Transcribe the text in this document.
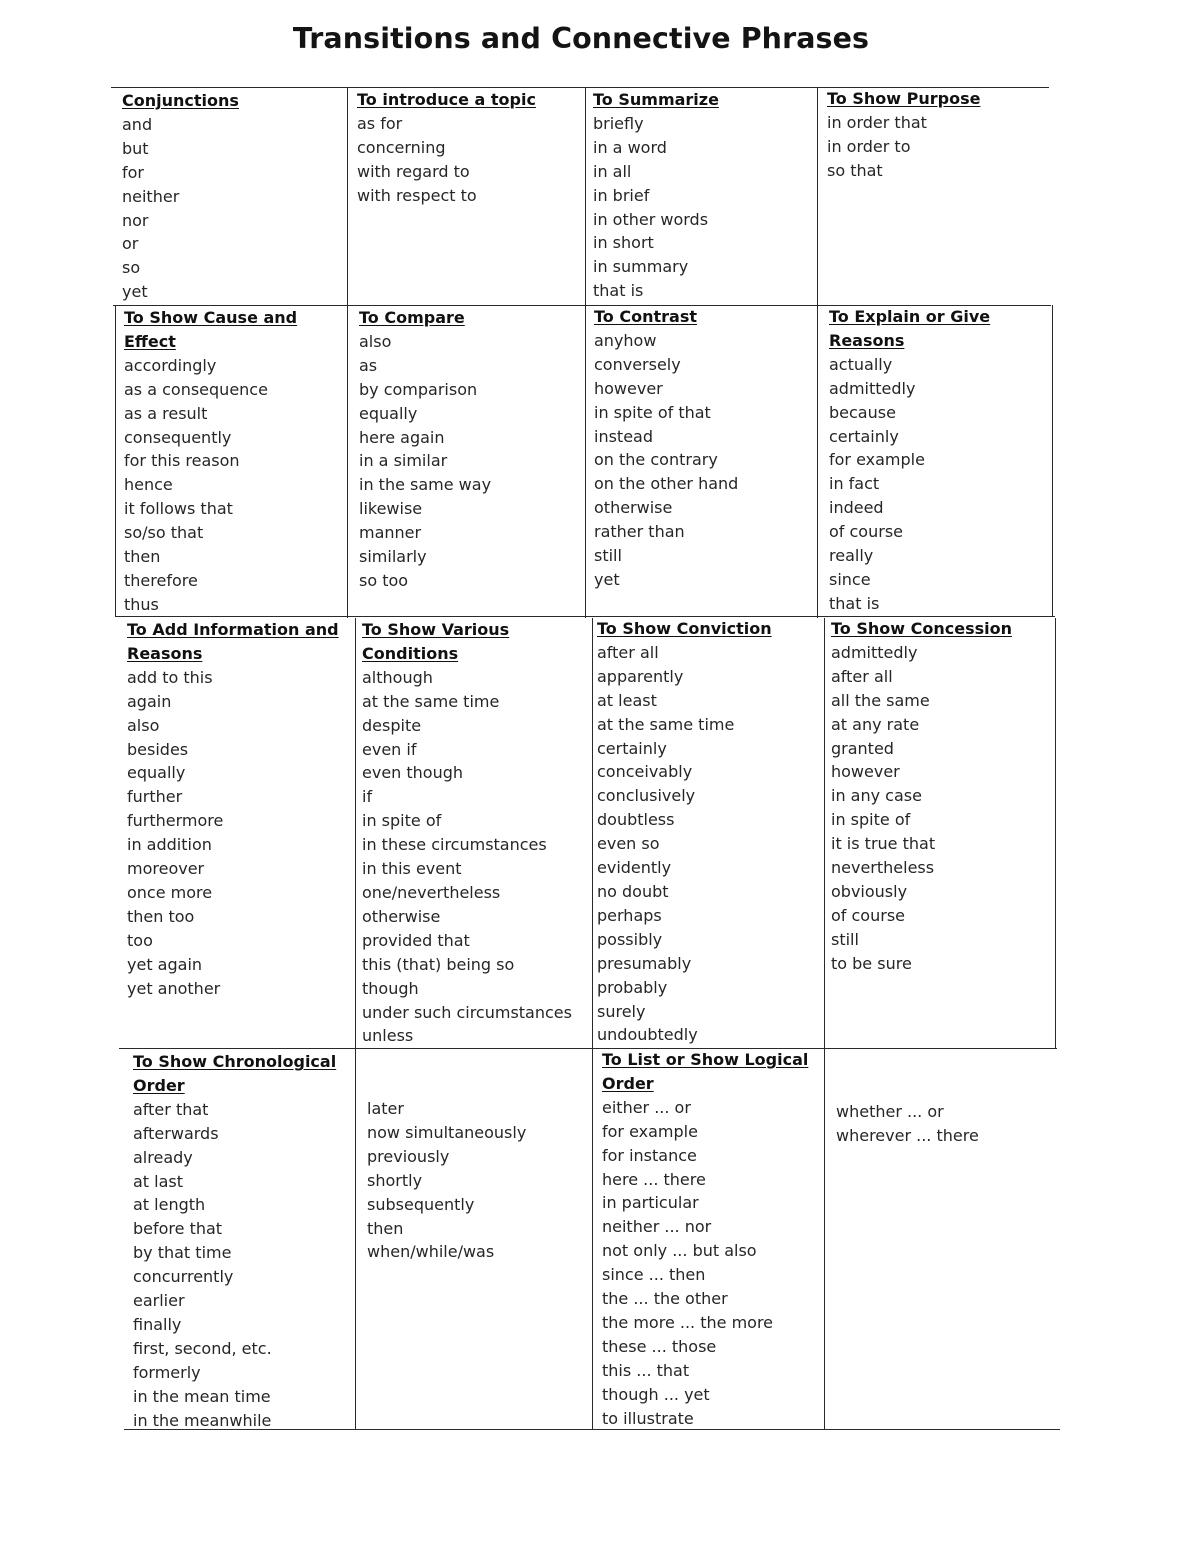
Transitions and Connective Phrases
Conjunctions
and
but
for
neither
nor
or
so
yet
To introduce a topic
as for
concerning
with regard to
with respect to
To Summarize
briefly
in a word
in all
in brief
in other words
in short
in summary
that is
To Show Purpose
in order that
in order to
so that
To Show Cause and Effect
accordingly
as a consequence
as a result
consequently
for this reason
hence
it follows that
so/so that
then
therefore
thus
To Compare
also
as
by comparison
equally
here again
in a similar
in the same way
likewise
manner
similarly
so too
To Contrast
anyhow
conversely
however
in spite of that
instead
on the contrary
on the other hand
otherwise
rather than
still
yet
To Explain or Give
Reasons
actually
admittedly
because
certainly
for example
in fact
indeed
of course
really
since
that is
To Add Information and
Reasons
add to this
again
also
besides
equally
further
furthermore
in addition
moreover
once more
then too
too
yet again
yet another
To Show Various
Conditions
although
at the same time
despite
even if
even though
if
in spite of
in these circumstances
in this event
one/nevertheless
otherwise
provided that
this (that) being so
though
under such circumstances
unless
To Show Conviction
after all
apparently
at least
at the same time
certainly
conceivably
conclusively
doubtless
even so
evidently
no doubt
perhaps
possibly
presumably
probably
surely
undoubtedly
To Show Concession
admittedly
after all
all the same
at any rate
granted
however
in any case
in spite of
it is true that
nevertheless
obviously
of course
still
to be sure
To Show Chronological
Order
after that
afterwards
already
at last
at length
before that
by that time
concurrently
earlier
finally
first, second, etc.
formerly
in the mean time
in the meanwhile
later
now simultaneously
previously
shortly
subsequently
then
when/while/was
To List or Show Logical
Order
either ... or
for example
for instance
here ... there
in particular
neither ... nor
not only ... but also
since ... then
the ... the other
the more ... the more
these ... those
this ... that
though ... yet
to illustrate
whether ... or
wherever ... there
